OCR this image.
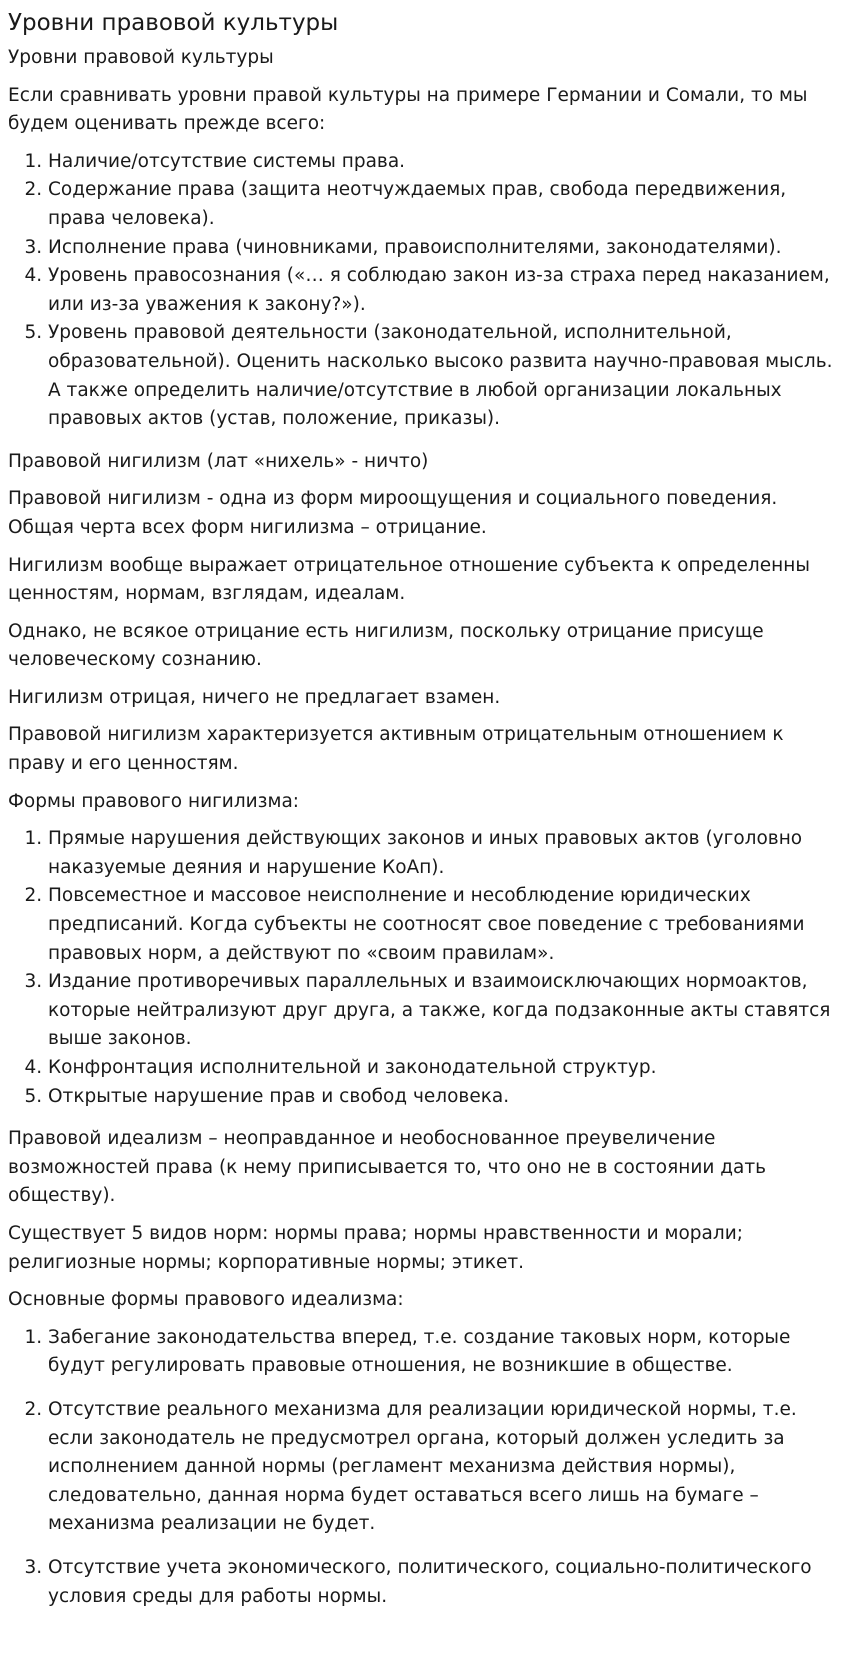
Уровни правовой культуры

Уровни правовой культуры

Если сравнивать уровни правой культуры на примере Германии и Сомали, то мы будем оценивать прежде всего:

1. Наличие/отсутствие системы права.
2. Содержание права (защита неотчуждаемых прав, свобода передвижения, права человека).
3. Исполнение права (чиновниками, правоисполнителями, законодателями).
4. Уровень правосознания («… я соблюдаю закон из-за страха перед наказанием, или из-за уважения к закону?»).
5. Уровень правовой деятельности (законодательной, исполнительной, образовательной). Оценить насколько высоко развита научно-правовая мысль. А также определить наличие/отсутствие в любой организации локальных правовых актов (устав, положение, приказы).

Правовой нигилизм (лат «нихель» - ничто)

Правовой нигилизм - одна из форм мироощущения и социального поведения. Общая черта всех форм нигилизма – отрицание.

Нигилизм вообще выражает отрицательное отношение субъекта к определенны ценностям, нормам, взглядам, идеалам.

Однако, не всякое отрицание есть нигилизм, поскольку отрицание присуще человеческому сознанию.

Нигилизм отрицая, ничего не предлагает взамен.

Правовой нигилизм характеризуется активным отрицательным отношением к праву и его ценностям.

Формы правового нигилизма:

1. Прямые нарушения действующих законов и иных правовых актов (уголовно наказуемые деяния и нарушение КоАп).
2. Повсеместное и массовое неисполнение и несоблюдение юридических предписаний. Когда субъекты не соотносят свое поведение с требованиями правовых норм, а действуют по «своим правилам».
3. Издание противоречивых параллельных и взаимоисключающих нормоактов, которые нейтрализуют друг друга, а также, когда подзаконные акты ставятся выше законов.
4. Конфронтация исполнительной и законодательной структур.
5. Открытые нарушение прав и свобод человека.

Правовой идеализм – неоправданное и необоснованное преувеличение возможностей права (к нему приписывается то, что оно не в состоянии дать обществу).

Существует 5 видов норм: нормы права; нормы нравственности и морали; религиозные нормы; корпоративные нормы; этикет.

Основные формы правового идеализма:

1. Забегание законодательства вперед, т.е. создание таковых норм, которые будут регулировать правовые отношения, не возникшие в обществе.
2. Отсутствие реального механизма для реализации юридической нормы, т.е. если законодатель не предусмотрел органа, который должен уследить за исполнением данной нормы (регламент механизма действия нормы), следовательно, данная норма будет оставаться всего лишь на бумаге – механизма реализации не будет.
3. Отсутствие учета экономического, политического, социально-политического условия среды для работы нормы.
